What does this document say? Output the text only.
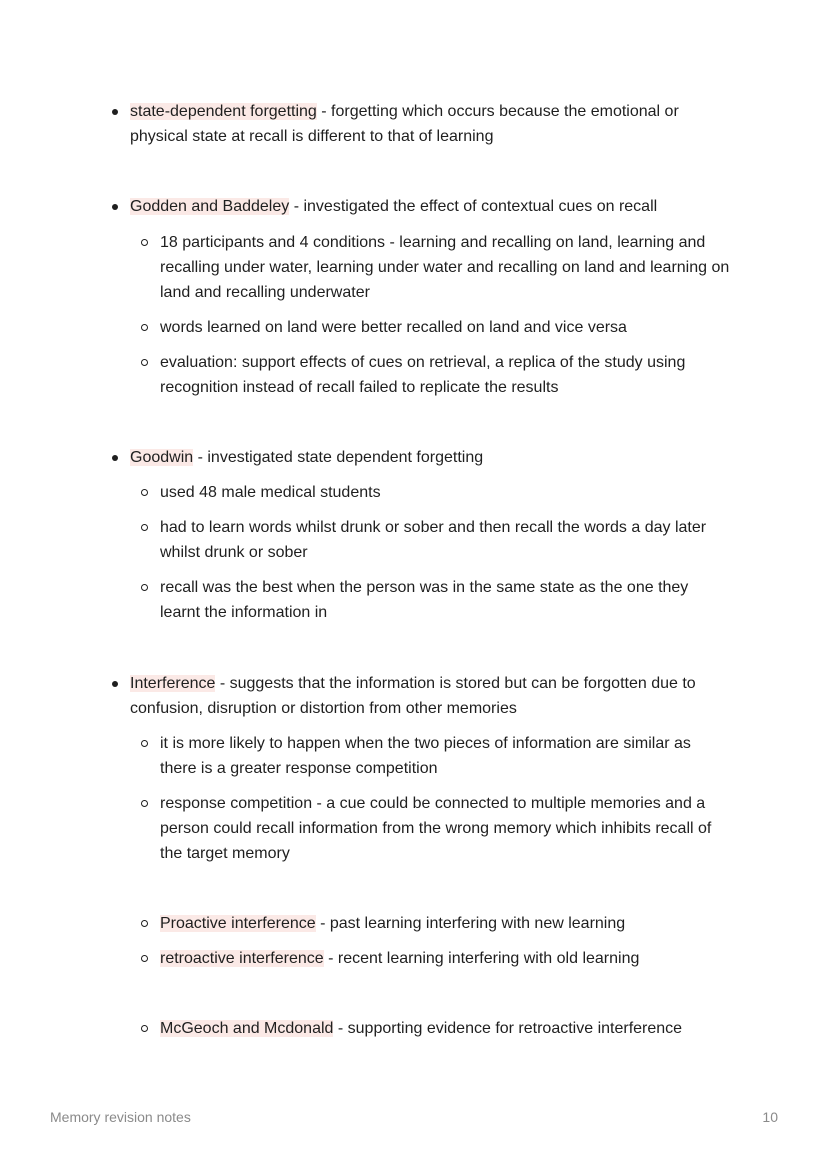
state-dependent forgetting - forgetting which occurs because the emotional or physical state at recall is different to that of learning
Godden and Baddeley - investigated the effect of contextual cues on recall
18 participants and 4 conditions - learning and recalling on land, learning and recalling under water, learning under water and recalling on land and learning on land and recalling underwater
words learned on land were better recalled on land and vice versa
evaluation: support effects of cues on retrieval, a replica of the study using recognition instead of recall failed to replicate the results
Goodwin - investigated state dependent forgetting
used 48 male medical students
had to learn words whilst drunk or sober and then recall the words a day later whilst drunk or sober
recall was the best when the person was in the same state as the one they learnt the information in
Interference - suggests that the information is stored but can be forgotten due to confusion, disruption or distortion from other memories
it is more likely to happen when the two pieces of information are similar as there is a greater response competition
response competition - a cue could be connected to multiple memories and a person could recall information from the wrong memory which inhibits recall of the target memory
Proactive interference - past learning interfering with new learning
retroactive interference - recent learning interfering with old learning
McGeoch and Mcdonald - supporting evidence for retroactive interference
Memory revision notes	10
